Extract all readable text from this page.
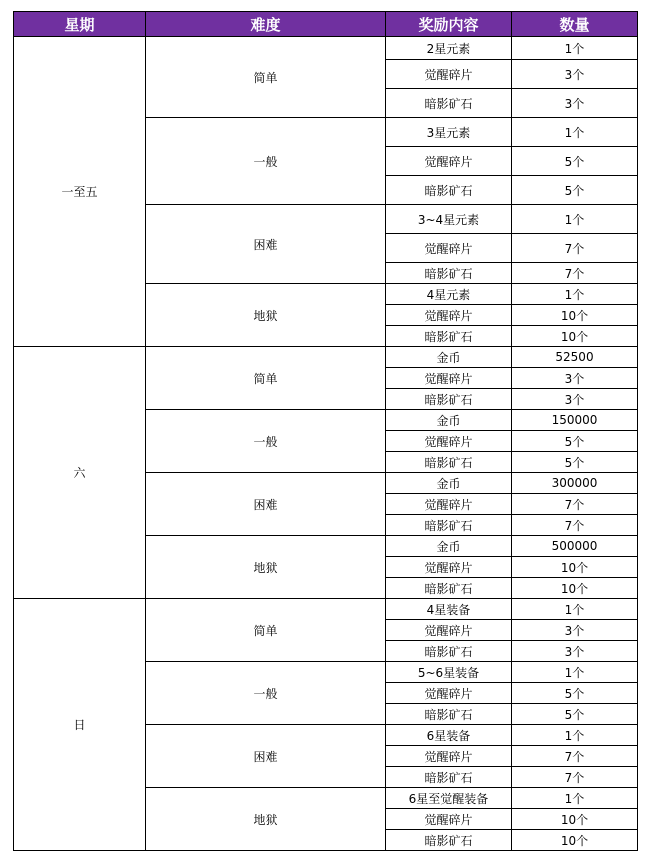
星期	难度	奖励内容	数量
一至五	简单	2星元素	1个
		觉醒碎片	3个
		暗影矿石	3个
	一般	3星元素	1个
		觉醒碎片	5个
		暗影矿石	5个
	困难	3~4星元素	1个
		觉醒碎片	7个
		暗影矿石	7个
	地狱	4星元素	1个
		觉醒碎片	10个
		暗影矿石	10个
六	简单	金币	52500
		觉醒碎片	3个
		暗影矿石	3个
	一般	金币	150000
		觉醒碎片	5个
		暗影矿石	5个
	困难	金币	300000
		觉醒碎片	7个
		暗影矿石	7个
	地狱	金币	500000
		觉醒碎片	10个
		暗影矿石	10个
日	简单	4星装备	1个
		觉醒碎片	3个
		暗影矿石	3个
	一般	5~6星装备	1个
		觉醒碎片	5个
		暗影矿石	5个
	困难	6星装备	1个
		觉醒碎片	7个
		暗影矿石	7个
	地狱	6星至觉醒装备	1个
		觉醒碎片	10个
		暗影矿石	10个
